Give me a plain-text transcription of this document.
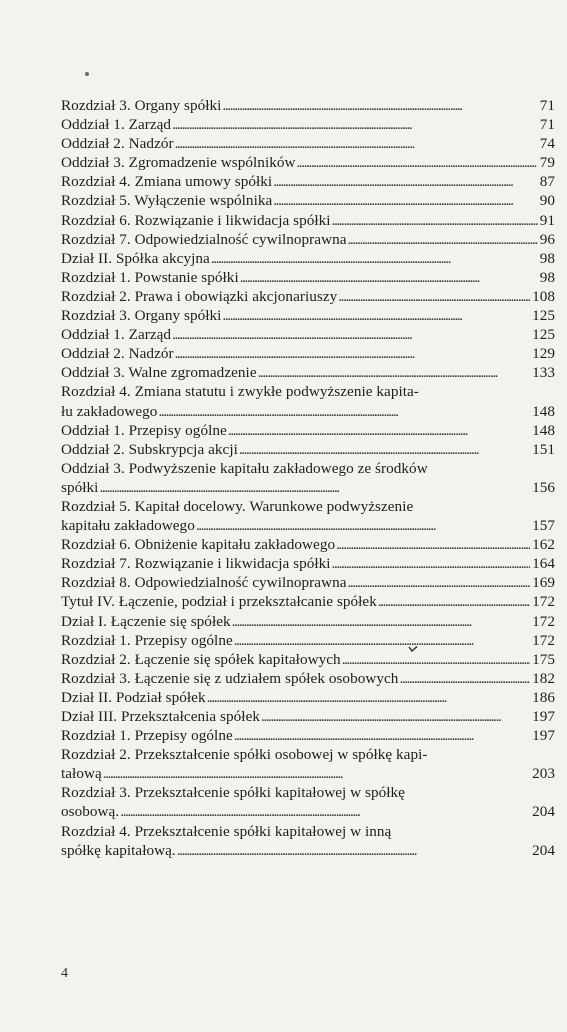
Rozdział 3. Organy spółki . . .	71
Oddział 1. Zarząd . . .	71
Oddział 2. Nadzór . . .	74
Oddział 3. Zgromadzenie wspólników . . .	79
Rozdział 4. Zmiana umowy spółki . . .	87
Rozdział 5. Wyłączenie wspólnika . . .	90
Rozdział 6. Rozwiązanie i likwidacja spółki . . .	91
Rozdział 7. Odpowiedzialność cywilnoprawna . . .	96
Dział II. Spółka akcyjna . . .	98
Rozdział 1. Powstanie spółki . . .	98
Rozdział 2. Prawa i obowiązki akcjonariuszy . . .	108
Rozdział 3. Organy spółki . . .	125
Oddział 1. Zarząd . . .	125
Oddział 2. Nadzór . . .	129
Oddział 3. Walne zgromadzenie . . .	133
Rozdział 4. Zmiana statutu i zwykłe podwyższenie kapita-
łu zakładowego . . .	148
Oddział 1. Przepisy ogólne . . .	148
Oddział 2. Subskrypcja akcji . . .	151
Oddział 3. Podwyższenie kapitału zakładowego ze środków
spółki . . .	156
Rozdział 5. Kapitał docelowy. Warunkowe podwyższenie
kapitału zakładowego . . .	157
Rozdział 6. Obniżenie kapitału zakładowego . . .	162
Rozdział 7. Rozwiązanie i likwidacja spółki . . .	164
Rozdział 8. Odpowiedzialność cywilnoprawna . . .	169
Tytuł IV. Łączenie, podział i przekształcanie spółek . . .	172
Dział I. Łączenie się spółek . . .	172
Rozdział 1. Przepisy ogólne . . .	172
Rozdział 2. Łączenie się spółek kapitałowych . . .	175
Rozdział 3. Łączenie się z udziałem spółek osobowych . . .	182
Dział II. Podział spółek . . .	186
Dział III. Przekształcenia spółek . . .	197
Rozdział 1. Przepisy ogólne . . .	197
Rozdział 2. Przekształcenie spółki osobowej w spółkę kapi-
tałową . . .	203
Rozdział 3. Przekształcenie spółki kapitałowej w spółkę
osobową. . . .	204
Rozdział 4. Przekształcenie spółki kapitałowej w inną
spółkę kapitałową. . . .	204
4
